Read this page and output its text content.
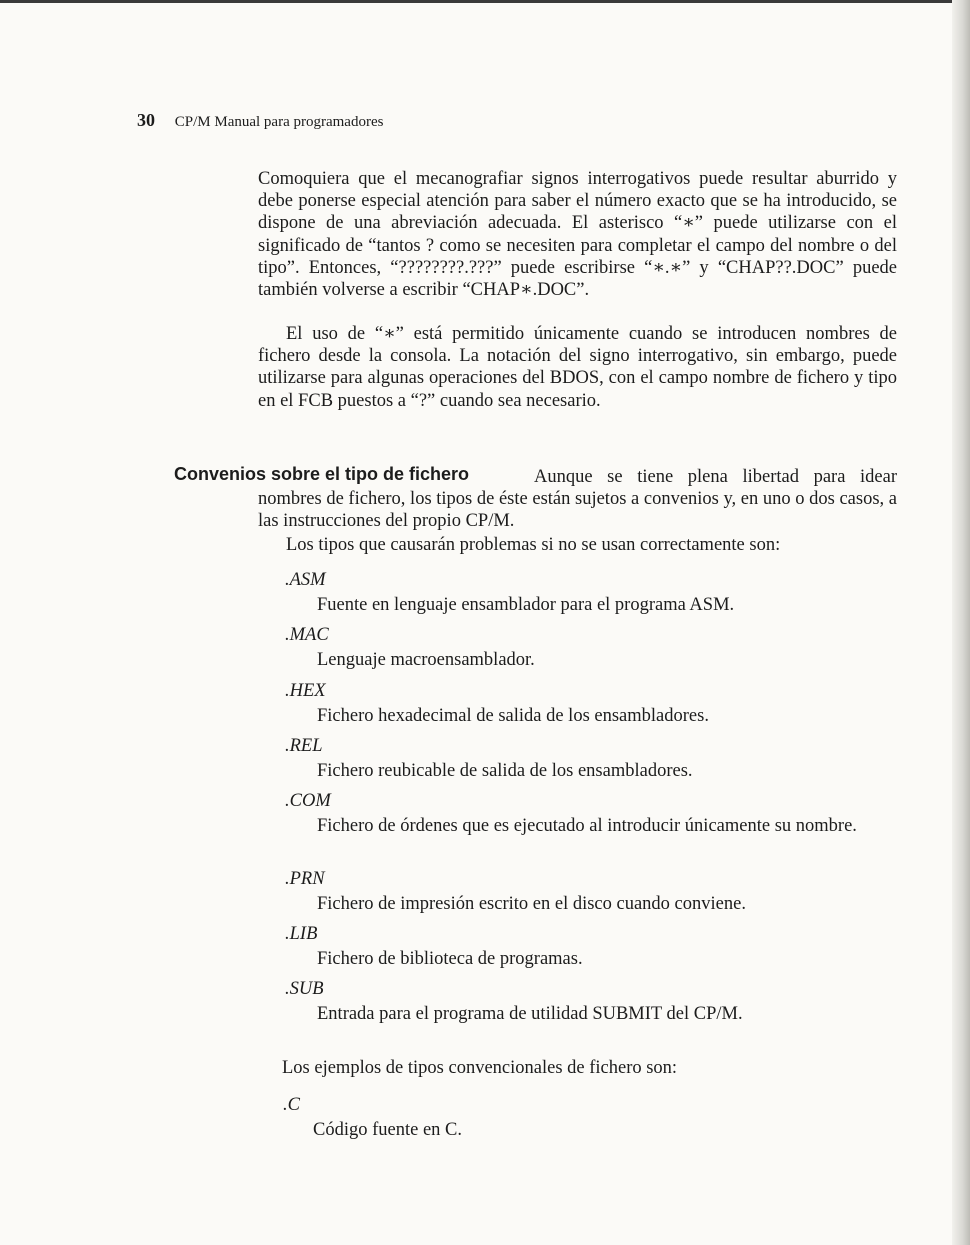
30 CP/M Manual para programadores

Comoquiera que el mecanografiar signos interrogativos puede resultar aburrido y debe ponerse especial atención para saber el número exacto que se ha introducido, se dispone de una abreviación adecuada. El asterisco “∗” puede utilizarse con el significado de “tantos ? como se necesiten para completar el campo del nombre o del tipo”. Entonces, “????????.???” puede escribirse “∗.∗” y “CHAP??.DOC” puede también volverse a escribir “CHAP∗.DOC”.

El uso de “∗” está permitido únicamente cuando se introducen nombres de fichero desde la consola. La notación del signo interrogativo, sin embargo, puede utilizarse para algunas operaciones del BDOS, con el campo nombre de fichero y tipo en el FCB puestos a “?” cuando sea necesario.

Convenios sobre el tipo de fichero	Aunque se tiene plena libertad para idear nombres de fichero, los tipos de éste están sujetos a convenios y, en uno o dos casos, a las instrucciones del propio CP/M.

Los tipos que causarán problemas si no se usan correctamente son:

.ASM

Fuente en lenguaje ensamblador para el programa ASM.

.MAC

Lenguaje macroensamblador.

.HEX

Fichero hexadecimal de salida de los ensambladores.

.REL

Fichero reubicable de salida de los ensambladores.

.COM

Fichero de órdenes que es ejecutado al introducir únicamente su nombre.

.PRN

Fichero de impresión escrito en el disco cuando conviene.

.LIB

Fichero de biblioteca de programas.

.SUB

Entrada para el programa de utilidad SUBMIT del CP/M.

Los ejemplos de tipos convencionales de fichero son:

.C

Código fuente en C.
